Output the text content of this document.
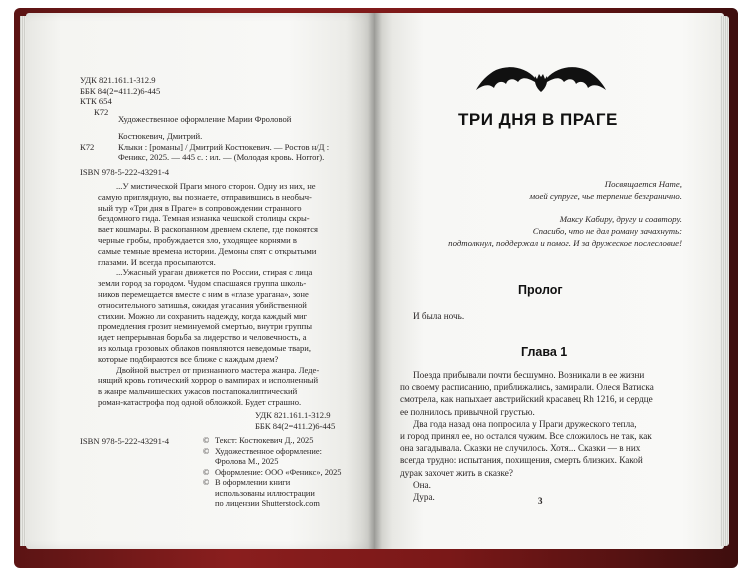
УДК 821.161.1-312.9
ББК 84(2=411.2)6-445
КТК 654
К72
Художественное оформление Марии Фроловой
Костюкевич, Дмитрий.
К72	Клыки : [романы] / Дмитрий Костюкевич. — Ростов н/Д :
Феникс, 2025. — 445 с. : ил. — (Молодая кровь. Horror).
ISBN 978-5-222-43291-4
...У мистической Праги много сторон. Одну из них, не
самую приглядную, вы познаете, отправившись в необыч-
ный тур «Три дня в Праге» в сопровождении странного
бездомного гида. Темная изнанка чешской столицы скры-
вает кошмары. В раскопанном древнем склепе, где покоятся
черные гробы, пробуждается зло, уходящее корнями в
самые темные времена истории. Демоны спят с открытыми
глазами. И всегда просыпаются.
...Ужасный ураган движется по России, стирая с лица
земли город за городом. Чудом спасшаяся группа школь-
ников перемещается вместе с ним в «глазе урагана», зоне
относительного затишья, ожидая угасания убийственной
стихии. Можно ли сохранить надежду, когда каждый миг
промедления грозит неминуемой смертью, внутри группы
идет непрерывная борьба за лидерство и человечность, а
из кольца грозовых облаков появляются неведомые твари,
которые подбираются все ближе с каждым днем?
Двойной выстрел от признанного мастера жанра. Леде-
нящий кровь готический хоррор о вампирах и исполненный
в жанре мальчишеских ужасов постапокалиптический
роман-катастрофа под одной обложкой. Будет страшно.
УДК 821.161.1-312.9
ББК 84(2=411.2)6-445
ISBN 978-5-222-43291-4	© Текст: Костюкевич Д., 2025
© Художественное оформление:
Фролова М., 2025
© Оформление: ООО «Феникс», 2025
© В оформлении книги
использованы иллюстрации
по лицензии Shutterstock.com
ТРИ ДНЯ В ПРАГЕ
Посвящается Нате,
моей супруге, чье терпение безгранично.
Максу Кабиру, другу и соавтору.
Спасибо, что не дал роману зачахнуть:
подтолкнул, поддержал и помог. И за дружеское послесловие!
Пролог
И была ночь.
Глава 1
Поезда прибывали почти бесшумно. Возникали в ее жизни
по своему расписанию, приближались, замирали. Олеся Ватиска
смотрела, как напыхает австрийский красавец Rh 1216, и сердце
ее полнилось привычной грустью.
Два года назад она попросила у Праги дружеского тепла,
и город принял ее, но остался чужим. Все сложилось не так, как
она загадывала. Сказки не случилось. Хотя... Сказки — в них
всегда трудно: испытания, похищения, смерть близких. Какой
дурак захочет жить в сказке?
Она.
Дура.	3
